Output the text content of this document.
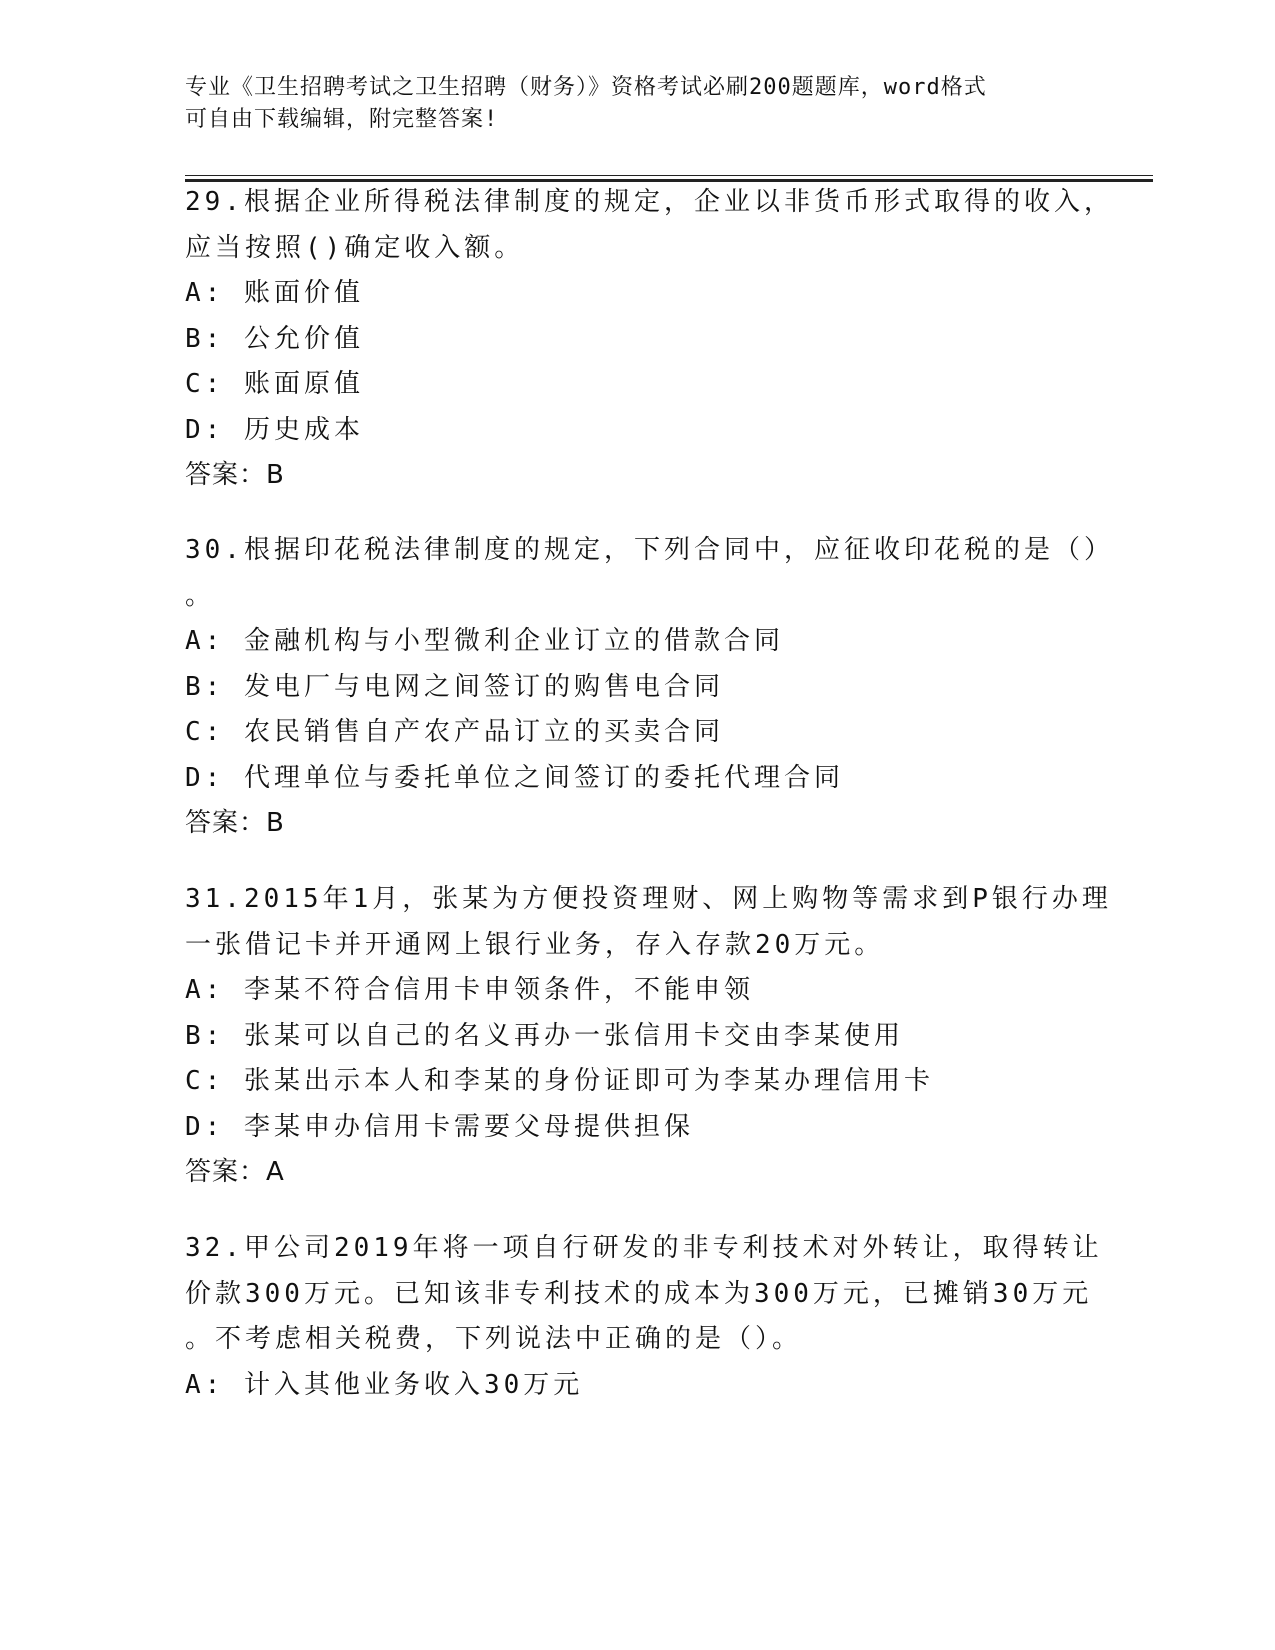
专业《卫生招聘考试之卫生招聘（财务）》资格考试必刷200题题库，word格式
可自由下载编辑，附完整答案!
29.根据企业所得税法律制度的规定，企业以非货币形式取得的收入，
应当按照()确定收入额。
A: 账面价值
B: 公允价值
C: 账面原值
D: 历史成本
答案：B
30.根据印花税法律制度的规定，下列合同中，应征收印花税的是（）
。
A: 金融机构与小型微利企业订立的借款合同
B: 发电厂与电网之间签订的购售电合同
C: 农民销售自产农产品订立的买卖合同
D: 代理单位与委托单位之间签订的委托代理合同
答案：B
31.2015年1月，张某为方便投资理财、网上购物等需求到P银行办理
一张借记卡并开通网上银行业务，存入存款20万元。
A: 李某不符合信用卡申领条件，不能申领
B: 张某可以自己的名义再办一张信用卡交由李某使用
C: 张某出示本人和李某的身份证即可为李某办理信用卡
D: 李某申办信用卡需要父母提供担保
答案：A
32.甲公司2019年将一项自行研发的非专利技术对外转让，取得转让
价款300万元。已知该非专利技术的成本为300万元，已摊销30万元
。不考虑相关税费，下列说法中正确的是（）。
A: 计入其他业务收入30万元
